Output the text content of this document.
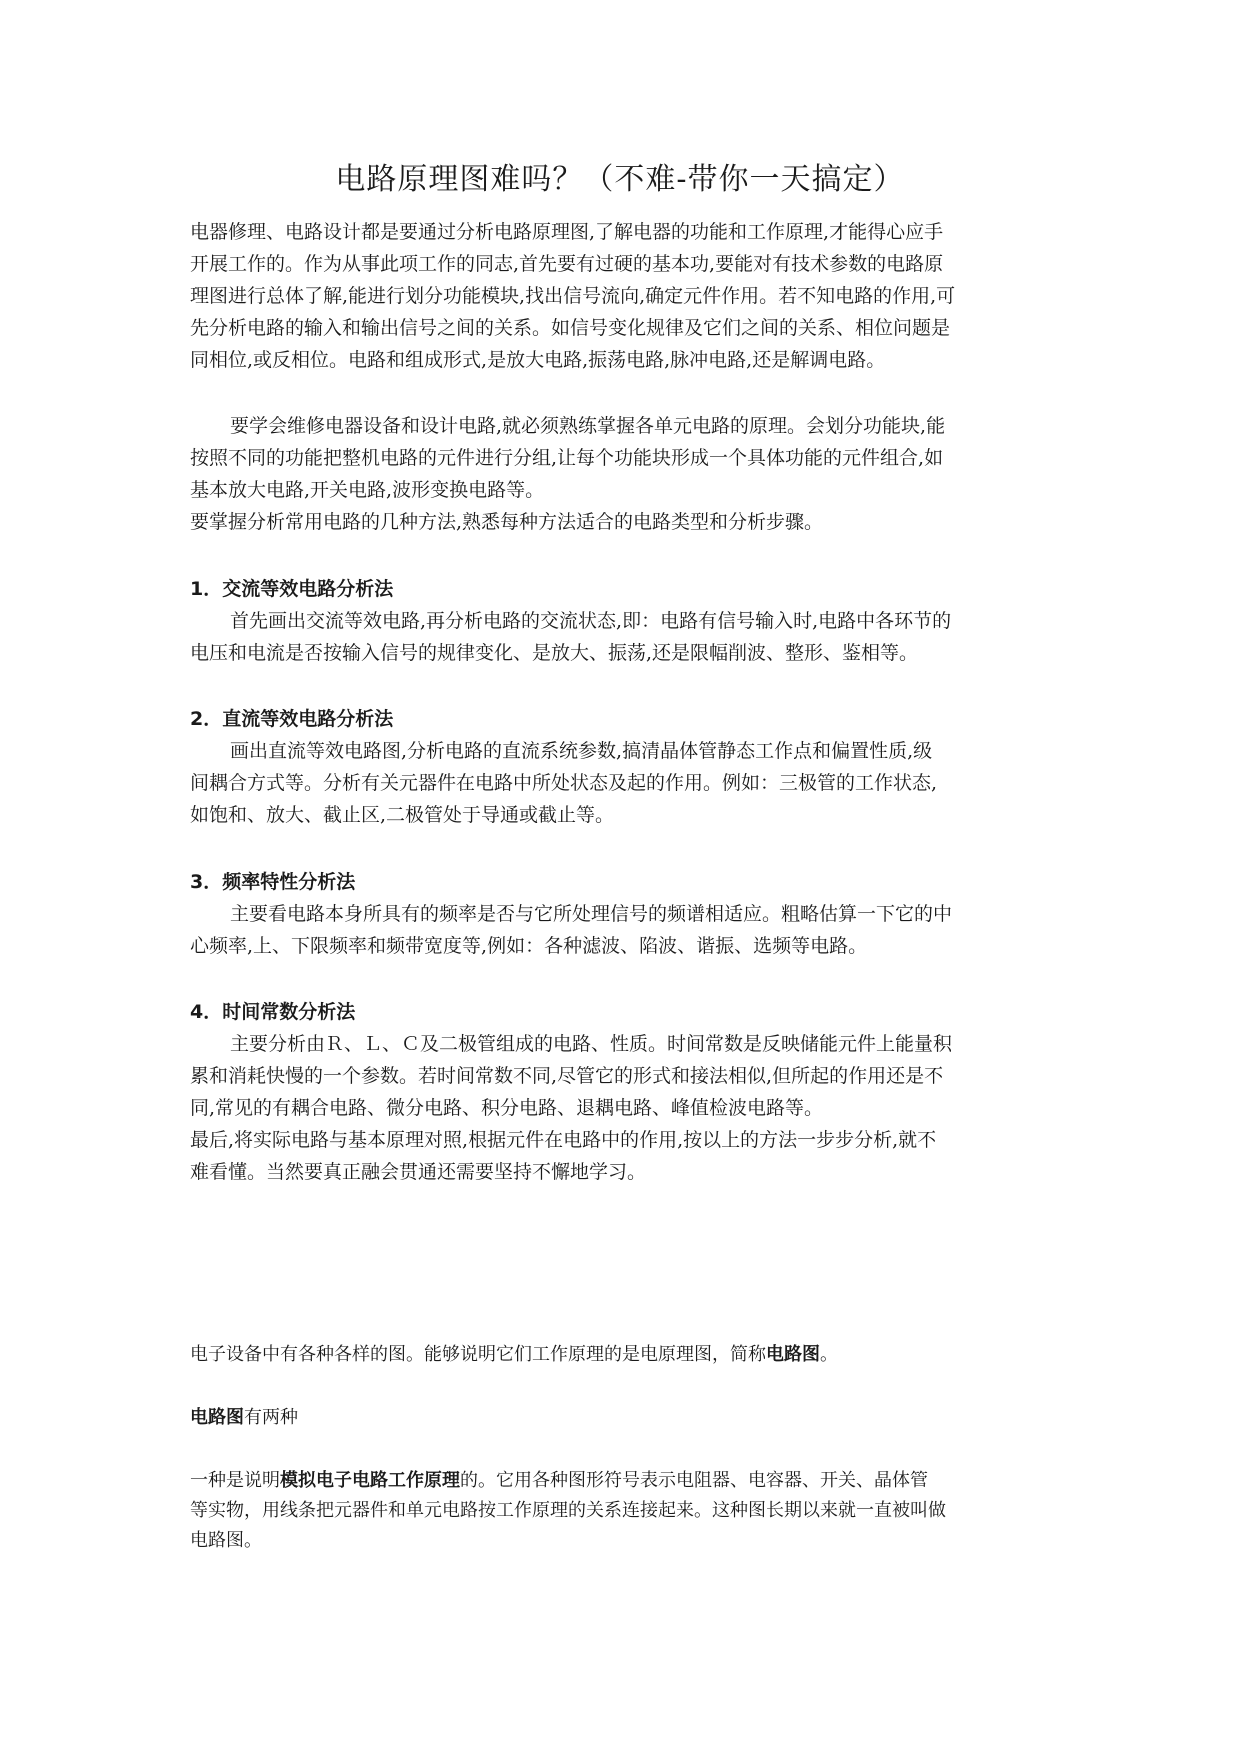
电路原理图难吗？（不难-带你一天搞定）
电器修理、电路设计都是要通过分析电路原理图,了解电器的功能和工作原理,才能得心应手
开展工作的。作为从事此项工作的同志,首先要有过硬的基本功,要能对有技术参数的电路原
理图进行总体了解,能进行划分功能模块,找出信号流向,确定元件作用。若不知电路的作用,可
先分析电路的输入和输出信号之间的关系。如信号变化规律及它们之间的关系、相位问题是
同相位,或反相位。电路和组成形式,是放大电路,振荡电路,脉冲电路,还是解调电路。
要学会维修电器设备和设计电路,就必须熟练掌握各单元电路的原理。会划分功能块,能
按照不同的功能把整机电路的元件进行分组,让每个功能块形成一个具体功能的元件组合,如
基本放大电路,开关电路,波形变换电路等。
要掌握分析常用电路的几种方法,熟悉每种方法适合的电路类型和分析步骤。
1．交流等效电路分析法
首先画出交流等效电路,再分析电路的交流状态,即：电路有信号输入时,电路中各环节的
电压和电流是否按输入信号的规律变化、是放大、振荡,还是限幅削波、整形、鉴相等。
2．直流等效电路分析法
画出直流等效电路图,分析电路的直流系统参数,搞清晶体管静态工作点和偏置性质,级
间耦合方式等。分析有关元器件在电路中所处状态及起的作用。例如：三极管的工作状态,
如饱和、放大、截止区,二极管处于导通或截止等。
3．频率特性分析法
主要看电路本身所具有的频率是否与它所处理信号的频谱相适应。粗略估算一下它的中
心频率,上、下限频率和频带宽度等,例如：各种滤波、陷波、谐振、选频等电路。
4．时间常数分析法
主要分析由Ｒ、Ｌ、Ｃ及二极管组成的电路、性质。时间常数是反映储能元件上能量积
累和消耗快慢的一个参数。若时间常数不同,尽管它的形式和接法相似,但所起的作用还是不
同,常见的有耦合电路、微分电路、积分电路、退耦电路、峰值检波电路等。
最后,将实际电路与基本原理对照,根据元件在电路中的作用,按以上的方法一步步分析,就不
难看懂。当然要真正融会贯通还需要坚持不懈地学习。
电子设备中有各种各样的图。能够说明它们工作原理的是电原理图，简称电路图。
电路图有两种
一种是说明模拟电子电路工作原理的。它用各种图形符号表示电阻器、电容器、开关、晶体管
等实物，用线条把元器件和单元电路按工作原理的关系连接起来。这种图长期以来就一直被叫做
电路图。
